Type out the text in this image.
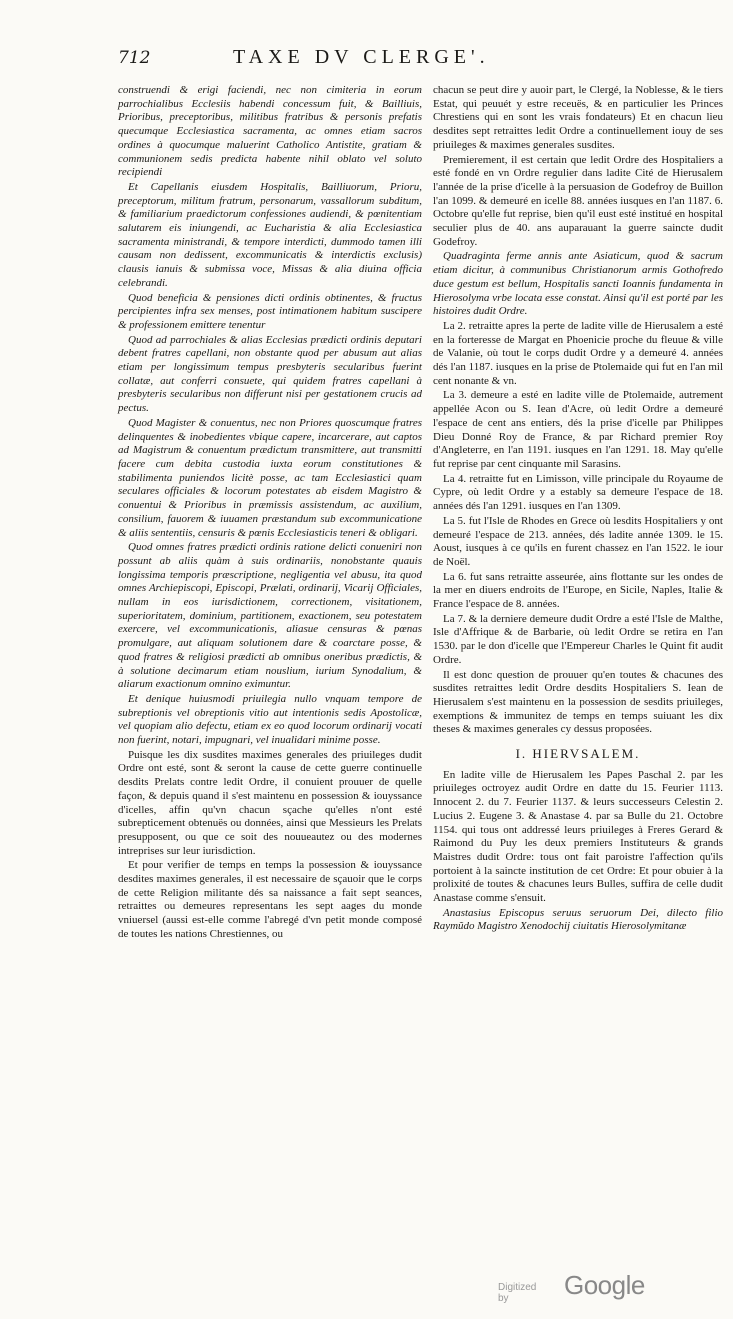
712	TAXE DV CLERGE'.

construendi & erigi faciendi, nec non cimiteria in eorum parrochialibus Ecclesiis habendi concessum fuit, & Bailliuis, Prioribus, preceptoribus, militibus fratribus & personis prefatis quecumque Ecclesiastica sacramenta, ac omnes etiam sacros ordines à quocumque maluerint Catholico Antistite, gratiam & communionem sedis predicta habente nihil oblato vel soluto recipiendi

Et Capellanis eiusdem Hospitalis, Bailliuorum, Prioru, preceptorum, militum fratrum, personarum, vassallorum subditum, & familiarium praedictorum confessiones audiendi, & pœnitentiam salutarem eis iniungendi, ac Eucharistia & alia Ecclesiastica sacramenta ministrandi, & tempore interdicti, dummodo tamen illi causam non dedissent, excommunicatis & interdictis exclusis) clausis ianuis & submissa voce, Missas & alia diuina officia celebrandi.

Quod beneficia & pensiones dicti ordinis obtinentes, & fructus percipientes infra sex menses, post intimationem habitum suscipere & professionem emittere tenentur

Quod ad parrochiales & alias Ecclesias prædicti ordinis deputari debent fratres capellani, non obstante quod per abusum aut alias etiam per longissimum tempus presbyteris secularibus fuerint collatæ, aut conferri consuete, qui quidem fratres capellani à presbyteris secularibus non differunt nisi per gestationem crucis ad pectus.

Quod Magister & conuentus, nec non Priores quoscumque fratres delinquentes & inobedientes vbique capere, incarcerare, aut captos ad Magistrum & conuentum prædictum transmittere, aut transmitti facere cum debita custodia iuxta eorum constitutiones & stabilimenta puniendos licitè posse, ac tam Ecclesiastici quam seculares officiales & locorum potestates ab eisdem Magistro & conuentui & Prioribus in præmissis assistendum, ac auxilium, consilium, fauorem & iuuamen præstandum sub excommunicatione & aliis sententiis, censuris & pœnis Ecclesiasticis teneri & obligari.

Quod omnes fratres prædicti ordinis ratione delicti conueniri non possunt ab aliis quàm à suis ordinariis, nonobstante quauis longissima temporis præscriptione, negligentia vel abusu, ita quod omnes Archiepiscopi, Episcopi, Prælati, ordinarij, Vicarij Officiales, nullam in eos iurisdictionem, correctionem, visitationem, superioritatem, dominium, partitionem, exactionem, seu potestatem exercere, vel excommunicationis, aliasue censuras & pœnas promulgare, aut aliquam solutionem dare & coarctare posse, & quod fratres & religiosi prædicti ab omnibus oneribus prædictis, & à solutione decimarum etiam nouslium, iurium Synodalium, & aliarum exactionum omnino eximuntur.

Et denique huiusmodi priuilegia nullo vnquam tempore de subreptionis vel obreptionis vitio aut intentionis sedis Apostolicæ, vel quopiam alio defectu, etiam ex eo quod locorum ordinarij vocati non fuerint, notari, impugnari, vel inualidari minime posse.

Puisque les dix susdites maximes generales des priuileges dudit Ordre ont esté, sont & seront la cause de cette guerre continuelle desdits Prelats contre ledit Ordre, il conuient prouuer de quelle façon, & depuis quand il s'est maintenu en possession & iouyssance d'icelles, affin qu'vn chacun sçache qu'elles n'ont esté subrepticement obtenuës ou données, ainsi que Messieurs les Prelats presupposent, ou que ce soit des nouueautez ou des modernes intreprises sur leur iurisdiction.

Et pour verifier de temps en temps la possession & iouyssance desdites maximes generales, il est necessaire de sçauoir que le corps de cette Religion militante dés sa naissance a fait sept seances, retraittes ou demeures representans les sept aages du monde vniuersel (aussi est-elle comme l'abregé d'vn petit monde composé de toutes les nations Chrestiennes, ou

chacun se peut dire y auoir part, le Clergé, la Noblesse, & le tiers Estat, qui peuuét y estre receuës, & en particulier les Princes Chrestiens qui en sont les vrais fondateurs) Et en chacun lieu desdites sept retraittes ledit Ordre a continuellement iouy de ses priuileges & maximes generales susdites.

Premierement, il est certain que ledit Ordre des Hospitaliers a esté fondé en vn Ordre regulier dans ladite Cité de Hierusalem l'année de la prise d'icelle à la persuasion de Godefroy de Buillon l'an 1099. & demeuré en icelle 88. années iusques en l'an 1187. 6. Octobre qu'elle fut reprise, bien qu'il eust esté institué en hospital seculier plus de 40. ans auparauant la guerre saincte dudit Godefroy.

Quadraginta ferme annis ante Asiaticum, quod & sacrum etiam dicitur, à communibus Christianorum armis Gothofredo duce gestum est bellum, Hospitalis sancti Ioannis fundamenta in Hierosolyma vrbe locata esse constat. Ainsi qu'il est porté par les histoires dudit Ordre.

La 2. retraitte apres la perte de ladite ville de Hierusalem a esté en la forteresse de Margat en Phoenicie proche du fleuue & ville de Valanie, où tout le corps dudit Ordre y a demeuré 4. années dés l'an 1187. iusques en la prise de Ptolemaide qui fut en l'an mil cent nonante & vn.

La 3. demeure a esté en ladite ville de Ptolemaide, autrement appellée Acon ou S. Iean d'Acre, où ledit Ordre a demeuré l'espace de cent ans entiers, dés la prise d'icelle par Philippes Dieu Donné Roy de France, & par Richard premier Roy d'Angleterre, en l'an 1191. iusques en l'an 1291. 18. May qu'elle fut reprise par cent cinquante mil Sarasins.

La 4. retraitte fut en Limisson, ville principale du Royaume de Cypre, où ledit Ordre y a estably sa demeure l'espace de 18. années dés l'an 1291. iusques en l'an 1309.

La 5. fut l'Isle de Rhodes en Grece où lesdits Hospitaliers y ont demeuré l'espace de 213. années, dés ladite année 1309. le 15. Aoust, iusques à ce qu'ils en furent chassez en l'an 1522. le iour de Noël.

La 6. fut sans retraitte asseurée, ains flottante sur les ondes de la mer en diuers endroits de l'Europe, en Sicile, Naples, Italie & France l'espace de 8. années.

La 7. & la derniere demeure dudit Ordre a esté l'Isle de Malthe, Isle d'Affrique & de Barbarie, où ledit Ordre se retira en l'an 1530. par le don d'icelle que l'Empereur Charles le Quint fit audit Ordre.

Il est donc question de prouuer qu'en toutes & chacunes des susdites retraittes ledit Ordre desdits Hospitaliers S. Iean de Hierusalem s'est maintenu en la possession de sesdits priuileges, exemptions & immunitez de temps en temps suiuant les dix theses & maximes generales cy dessus proposées.

I. HIERVSALEM.

En ladite ville de Hierusalem les Papes Paschal 2. par les priuileges octroyez audit Ordre en datte du 15. Feurier 1113. Innocent 2. du 7. Feurier 1137. & leurs successeurs Celestin 2. Lucius 2. Eugene 3. & Anastase 4. par sa Bulle du 21. Octobre 1154. qui tous ont addressé leurs priuileges à Freres Gerard & Raimond du Puy les deux premiers Instituteurs & grands Maistres dudit Ordre: tous ont fait paroistre l'affection qu'ils portoient à la saincte institution de cet Ordre: Et pour obuier à la prolixité de toutes & chacunes leurs Bulles, suffira de celle dudit Anastase comme s'ensuit.

Anastasius Episcopus seruus seruorum Dei, dilecto filio Raymũdo Magistro Xenodochij ciuitatis Hierosolymitanæ

Digitized by	Google
